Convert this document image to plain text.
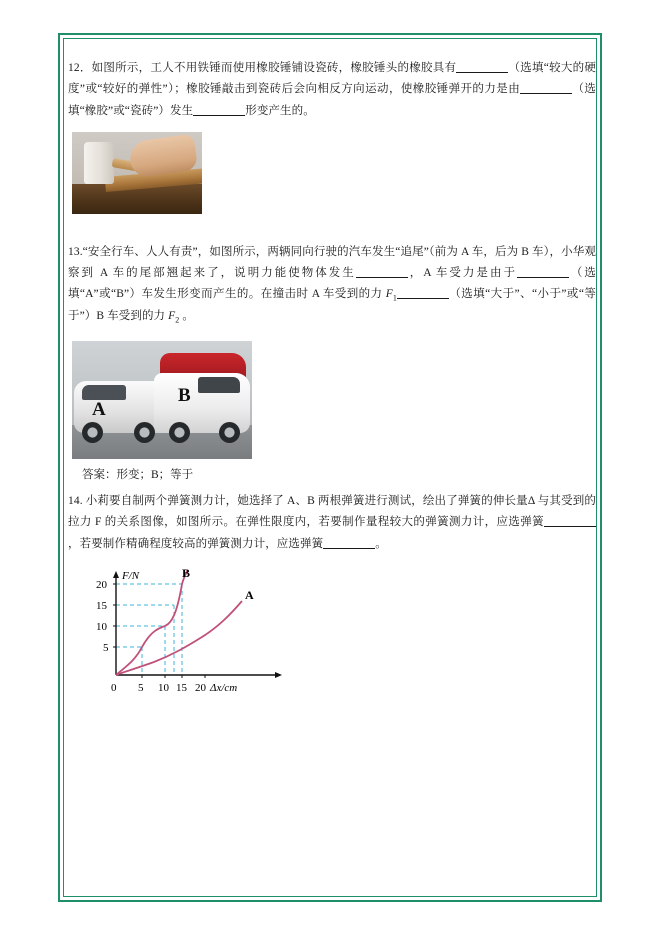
12．如图所示，工人不用铁锤而使用橡胶锤铺设瓷砖，橡胶锤头的橡胶具有	（选填“较大的硬度”或“较好的弹性”）；橡胶锤敲击到瓷砖后会向相反方向运动，使橡胶锤弹开的力是由	（选填“橡胶”或“瓷砖”）发生	形变产生的。
13.“安全行车、人人有责”，如图所示，两辆同向行驶的汽车发生“追尾”（前为 A 车，后为 B 车），小华观察到 A 车的尾部翘起来了，说明力能使物体发生	，A 车受力是由于	（选填“A”或“B”）车发生形变而产生的。在撞击时 A 车受到的力 $F_1$	（选填“大于”、“小于”或“等于”）B 车受到的力 $F_2$ 。
A
B
答案：形变；B；等于
14. 小莉要自制两个弹簧测力计，她选择了 A、B 两根弹簧进行测试，绘出了弹簧的伸长量Δ 与其受到的拉力 F 的关系图像，如图所示。在弹性限度内，若要制作量程较大的弹簧测力计，应选弹簧，若要制作精确程度较高的弹簧测力计，应选弹簧	。
F/N
Δx/cm
20
15
10
5
0 5 10 15 20
B
A
